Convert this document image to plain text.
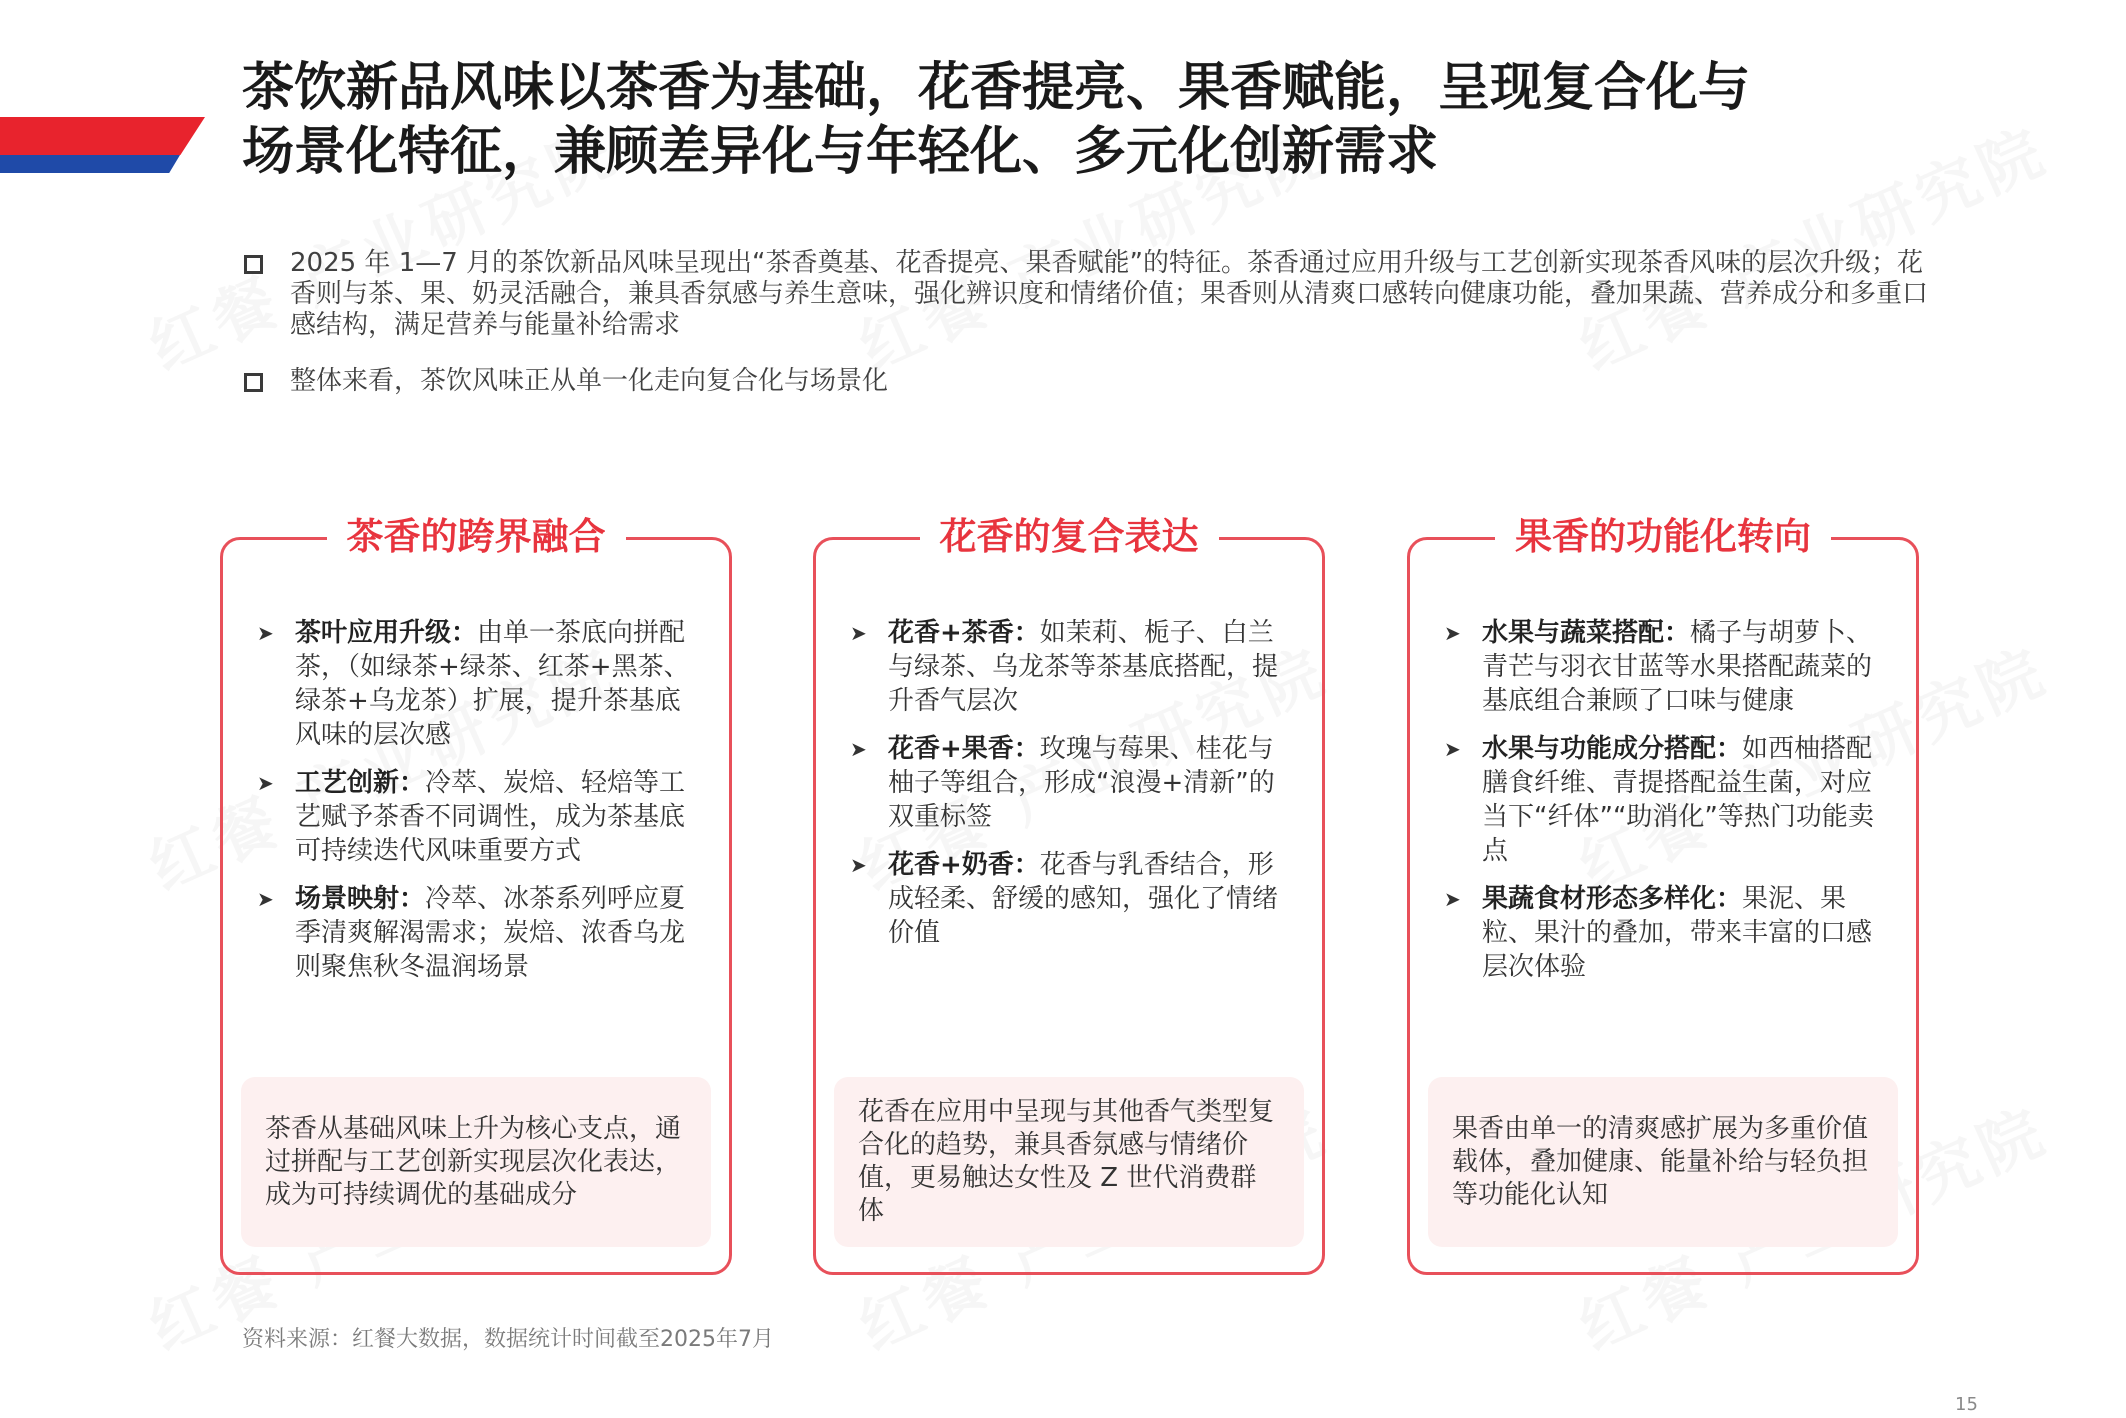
茶饮新品风味以茶香为基础，花香提亮、果香赋能，呈现复合化与
场景化特征，兼顾差异化与年轻化、多元化创新需求
2025 年 1—7 月的茶饮新品风味呈现出“茶香奠基、花香提亮、果香赋能”的特征。茶香通过应用升级与工艺创新实现茶香风味的层次升级；花香则与茶、果、奶灵活融合，兼具香氛感与养生意味，强化辨识度和情绪价值；果香则从清爽口感转向健康功能，叠加果蔬、营养成分和多重口感结构，满足营养与能量补给需求
整体来看，茶饮风味正从单一化走向复合化与场景化
茶香的跨界融合
➤ 茶叶应用升级：由单一茶底向拼配茶，（如绿茶+绿茶、红茶+黑茶、绿茶+乌龙茶）扩展，提升茶基底风味的层次感
➤ 工艺创新：冷萃、炭焙、轻焙等工艺赋予茶香不同调性，成为茶基底可持续迭代风味重要方式
➤ 场景映射：冷萃、冰茶系列呼应夏季清爽解渴需求；炭焙、浓香乌龙则聚焦秋冬温润场景
茶香从基础风味上升为核心支点，通过拼配与工艺创新实现层次化表达，成为可持续调优的基础成分
花香的复合表达
➤ 花香+茶香：如茉莉、栀子、白兰与绿茶、乌龙茶等茶基底搭配，提升香气层次
➤ 花香+果香：玫瑰与莓果、桂花与柚子等组合，形成“浪漫+清新”的双重标签
➤ 花香+奶香：花香与乳香结合，形成轻柔、舒缓的感知，强化了情绪价值
花香在应用中呈现与其他香气类型复合化的趋势，兼具香氛感与情绪价值，更易触达女性及 Z 世代消费群体
果香的功能化转向
➤ 水果与蔬菜搭配：橘子与胡萝卜、青芒与羽衣甘蓝等水果搭配蔬菜的基底组合兼顾了口味与健康
➤ 水果与功能成分搭配：如西柚搭配膳食纤维、青提搭配益生菌，对应当下“纤体”“助消化”等热门功能卖点
➤ 果蔬食材形态多样化：果泥、果粒、果汁的叠加，带来丰富的口感层次体验
果香由单一的清爽感扩展为多重价值载体，叠加健康、能量补给与轻负担等功能化认知
资料来源：红餐大数据，数据统计时间截至2025年7月
15
